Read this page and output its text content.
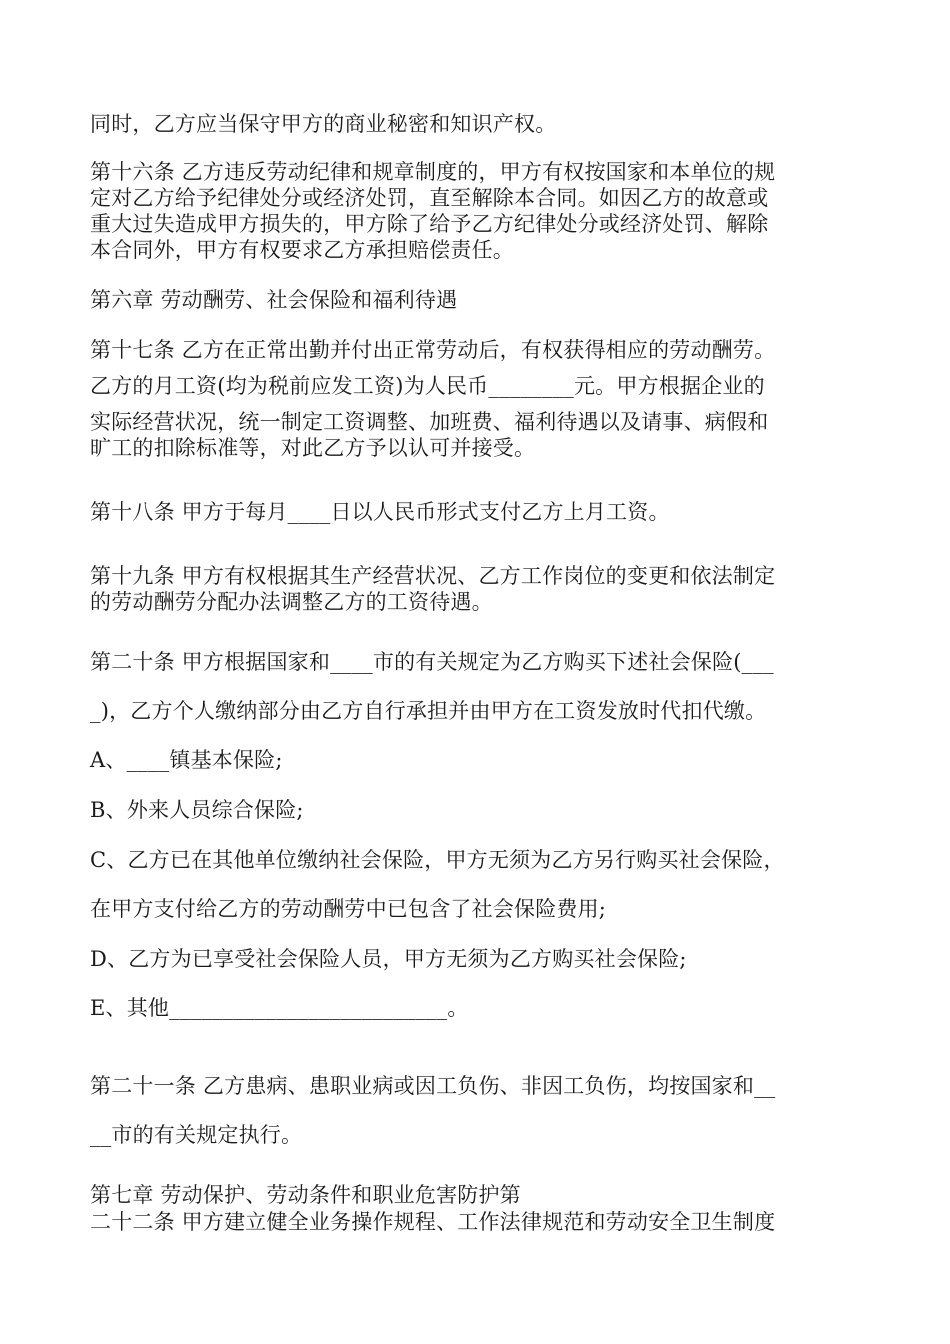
同时，乙方应当保守甲方的商业秘密和知识产权。
第十六条 乙方违反劳动纪律和规章制度的，甲方有权按国家和本单位的规
定对乙方给予纪律处分或经济处罚，直至解除本合同。如因乙方的故意或
重大过失造成甲方损失的，甲方除了给予乙方纪律处分或经济处罚、解除
本合同外，甲方有权要求乙方承担赔偿责任。
第六章 劳动酬劳、社会保险和福利待遇
第十七条 乙方在正常出勤并付出正常劳动后，有权获得相应的劳动酬劳。
乙方的月工资(均为税前应发工资)为人民币________元。甲方根据企业的
实际经营状况，统一制定工资调整、加班费、福利待遇以及请事、病假和
旷工的扣除标准等，对此乙方予以认可并接受。
第十八条 甲方于每月____日以人民币形式支付乙方上月工资。
第十九条 甲方有权根据其生产经营状况、乙方工作岗位的变更和依法制定
的劳动酬劳分配办法调整乙方的工资待遇。
第二十条 甲方根据国家和____市的有关规定为乙方购买下述社会保险(___
_)，乙方个人缴纳部分由乙方自行承担并由甲方在工资发放时代扣代缴。
A、____镇基本保险;
B、外来人员综合保险;
C、乙方已在其他单位缴纳社会保险，甲方无须为乙方另行购买社会保险，
在甲方支付给乙方的劳动酬劳中已包含了社会保险费用;
D、乙方为已享受社会保险人员，甲方无须为乙方购买社会保险;
E、其他__________________________。
第二十一条 乙方患病、患职业病或因工负伤、非因工负伤，均按国家和__
__市的有关规定执行。
第七章 劳动保护、劳动条件和职业危害防护第
二十二条 甲方建立健全业务操作规程、工作法律规范和劳动安全卫生制度
